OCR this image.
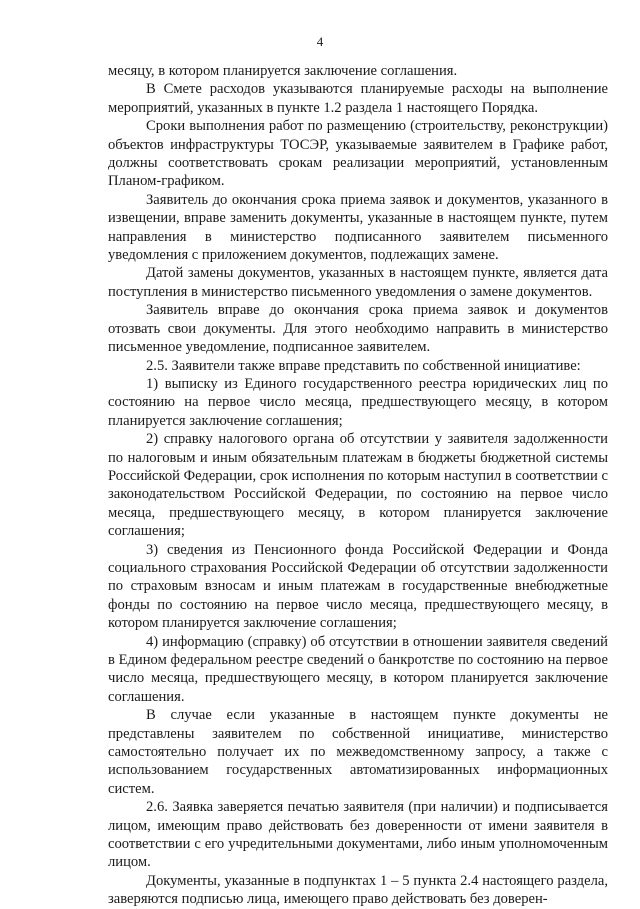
4

месяцу, в котором планируется заключение соглашения.

В Смете расходов указываются планируемые расходы на выполнение мероприятий, указанных в пункте 1.2 раздела 1 настоящего Порядка.

Сроки выполнения работ по размещению (строительству, реконструкции) объектов инфраструктуры ТОСЭР, указываемые заявителем в Графике работ, должны соответствовать срокам реализации мероприятий, установленным Планом-графиком.

Заявитель до окончания срока приема заявок и документов, указанного в извещении, вправе заменить документы, указанные в настоящем пункте, путем направления в министерство подписанного заявителем письменного уведомления с приложением документов, подлежащих замене.

Датой замены документов, указанных в настоящем пункте, является дата поступления в министерство письменного уведомления о замене документов.

Заявитель вправе до окончания срока приема заявок и документов отозвать свои документы. Для этого необходимо направить в министерство письменное уведомление, подписанное заявителем.

2.5. Заявители также вправе представить по собственной инициативе:

1) выписку из Единого государственного реестра юридических лиц по состоянию на первое число месяца, предшествующего месяцу, в котором планируется заключение соглашения;

2) справку налогового органа об отсутствии у заявителя задолженности по налоговым и иным обязательным платежам в бюджеты бюджетной системы Российской Федерации, срок исполнения по которым наступил в соответствии с законодательством Российской Федерации, по состоянию на первое число месяца, предшествующего месяцу, в котором планируется заключение соглашения;

3) сведения из Пенсионного фонда Российской Федерации и Фонда социального страхования Российской Федерации об отсутствии задолженности по страховым взносам и иным платежам в государственные внебюджетные фонды по состоянию на первое число месяца, предшествующего месяцу, в котором планируется заключение соглашения;

4) информацию (справку) об отсутствии в отношении заявителя сведений в Едином федеральном реестре сведений о банкротстве по состоянию на первое число месяца, предшествующего месяцу, в котором планируется заключение соглашения.

В случае если указанные в настоящем пункте документы не представлены заявителем по собственной инициативе, министерство самостоятельно получает их по межведомственному запросу, а также с использованием государственных автоматизированных информационных систем.

2.6. Заявка заверяется печатью заявителя (при наличии) и подписывается лицом, имеющим право действовать без доверенности от имени заявителя в соответствии с его учредительными документами, либо иным уполномоченным лицом.

Документы, указанные в подпунктах 1 – 5 пункта 2.4 настоящего раздела, заверяются подписью лица, имеющего право действовать без доверен-
